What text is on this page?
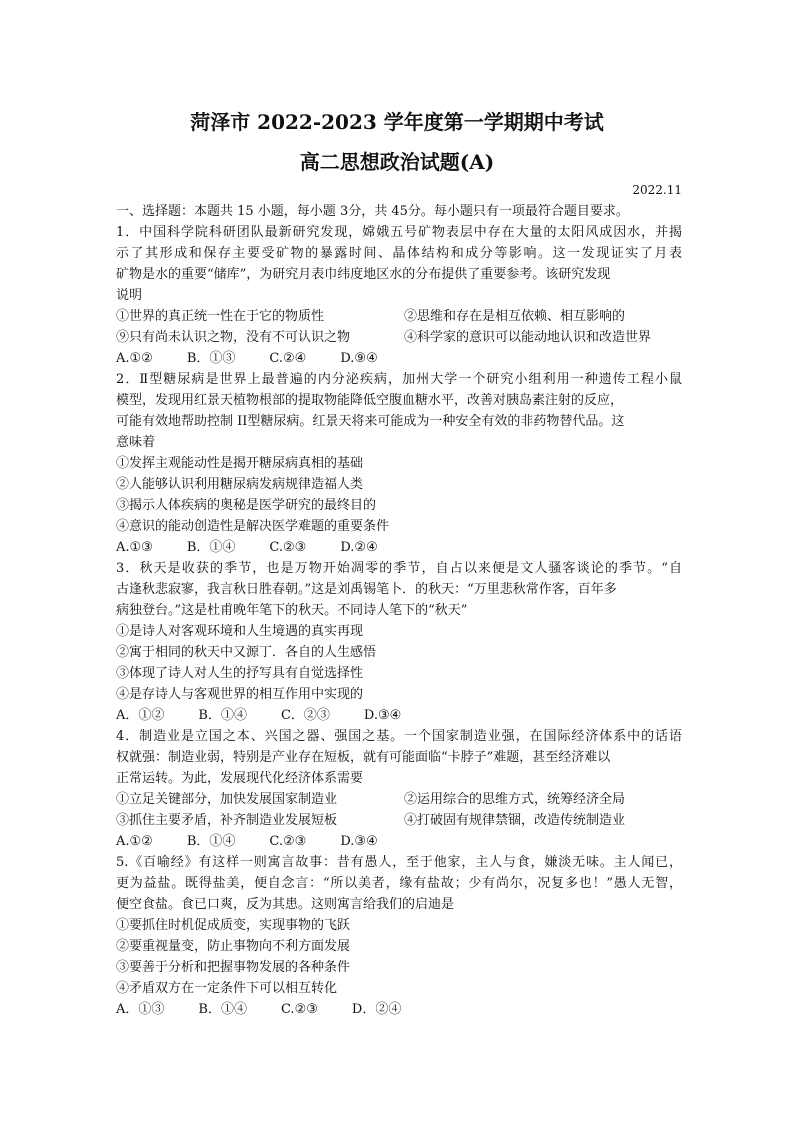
菏泽市 2022-2023 学年度第一学期期中考试
高二思想政治试题(A)
2022.11
一、选择题：本题共 15 小题，每小题 3分，共 45分。每小题只有一项最符合题目要求。
1．中国科学院科研团队最新研究发现，嫦娥五号矿物表层中存在大量的太阳风成因水，并揭
示了其形成和保存主要受矿物的暴露时间、晶体结构和成分等影响。这一发现证实了月表
矿物是水的重要“储库”，为研究月表巾纬度地区水的分布提供了重要参考。该研究发现
说明
①世界的真正统一性在于它的物质性	②思维和存在是相互依赖、相互影响的
⑨只有尚未认识之物，没有不可认识之物	④科学家的意识可以能动地认识和改造世界
A.①②	B．①③	C.②④	D.⑨④
2．Ⅱ型糖尿病是世界上最普遍的内分泌疾病，加州大学一个研究小组利用一种遗传工程小鼠
模型，发现用红景天植物根部的提取物能降低空腹血糖水平，改善对胰岛素注射的反应，
可能有效地帮助控制 II型糖尿病。红景天将来可能成为一种安全有效的非药物替代品。这
意味着
①发挥主观能动性是揭开糖尿病真相的基础
②人能够认识利用糖尿病发病规律造福人类
③揭示人体疾病的奥秘是医学研究的最终目的
④意识的能动创造性是解决医学难题的重要条件
A.①③	B．①④	C.②③	D.②④
3．秋天是收获的季节，也是万物开始凋零的季节，自占以来便是文人骚客谈论的季节。“自
古逢秋悲寂寥，我言秋日胜春朝。”这是刘禹锡笔卜．的秋天：“万里悲秋常作客，百年多
病独登台。”这是杜甫晚年笔下的秋天。不同诗人笔下的“秋天”
①是诗人对客观环境和人生境遇的真实再现
②寓于相同的秋天中又源丁．各自的人生感悟
③体现了诗人对人生的抒写具有自觉选择性
④是存诗人与客观世界的相互作用中实现的
A．①②	B．①④	C．②③	D.③④
4．制造业是立国之本、兴国之器、强国之基。一个国家制造业强，在国际经济体系中的话语
权就强：制造业弱，特别是产业存在短板，就有可能面临“卡脖子”难题，甚至经济难以
正常运转。为此，发展现代化经济体系需要
①立足关键部分，加快发展国家制造业	②运用综合的思维方式，统筹经济全局
③抓住主要矛盾，补齐制造业发展短板	④打破固有规律禁锢，改造传统制造业
A.①②	B．①④	C.②③	D.③④
5.《百喻经》有这样一则寓言故事：昔有愚人，至于他家，主人与食，嫌淡无味。主人闻已，
更为益盐。既得盐美，便自念言：“所以美者，缘有盐故；少有尚尔，况复多也！”愚人无智，
便空食盐。食已口爽，反为其患。这则寓言给我们的启迪是
①要抓住时机促成质变，实现事物的飞跃
②要重视量变，防止事物向不利方面发展
③要善于分析和把握事物发展的各种条件
④矛盾双方在一定条件下可以相互转化
A．①③	B．①④	C.②③	D．②④
